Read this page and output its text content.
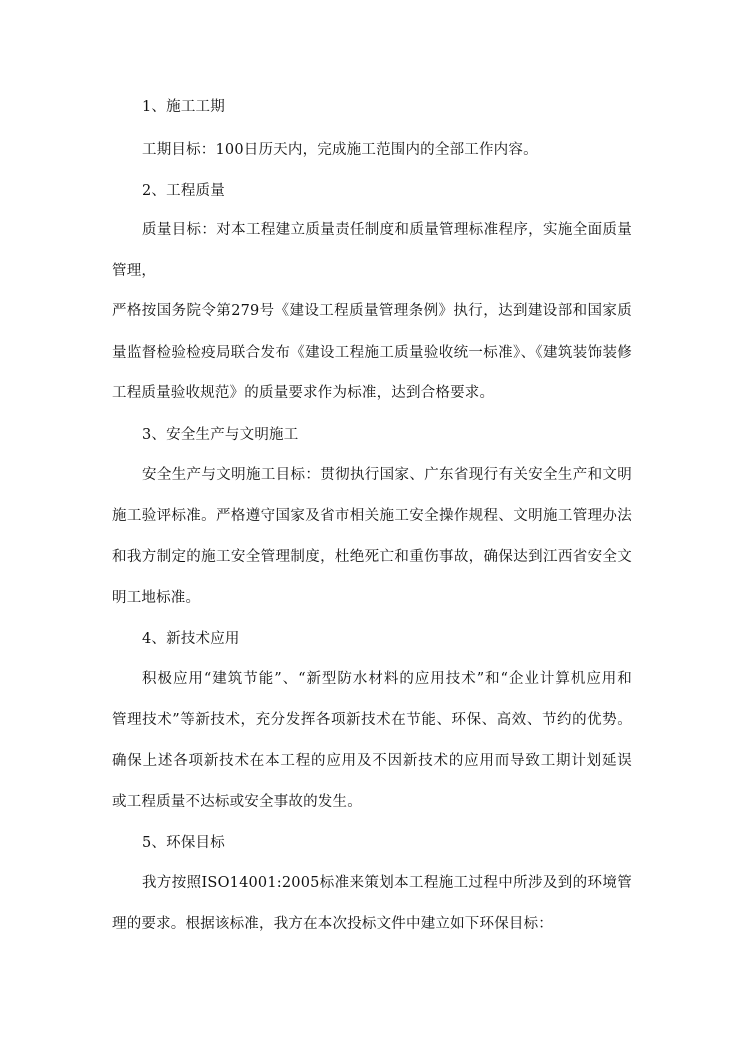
1、施工工期
工期目标：100日历天内，完成施工范围内的全部工作内容。
2、工程质量
质量目标：对本工程建立质量责任制度和质量管理标准程序，实施全面质量
管理，
严格按国务院令第279号《建设工程质量管理条例》执行，达到建设部和国家质
量监督检验检疫局联合发布《建设工程施工质量验收统一标准》、《建筑装饰装修
工程质量验收规范》的质量要求作为标准，达到合格要求。
3、安全生产与文明施工
安全生产与文明施工目标：贯彻执行国家、广东省现行有关安全生产和文明
施工验评标准。严格遵守国家及省市相关施工安全操作规程、文明施工管理办法
和我方制定的施工安全管理制度，杜绝死亡和重伤事故，确保达到江西省安全文
明工地标准。
4、新技术应用
积极应用“建筑节能”、“新型防水材料的应用技术”和“企业计算机应用和
管理技术”等新技术，充分发挥各项新技术在节能、环保、高效、节约的优势。
确保上述各项新技术在本工程的应用及不因新技术的应用而导致工期计划延误
或工程质量不达标或安全事故的发生。
5、环保目标
我方按照ISO14001:2005标准来策划本工程施工过程中所涉及到的环境管
理的要求。根据该标准，我方在本次投标文件中建立如下环保目标：
